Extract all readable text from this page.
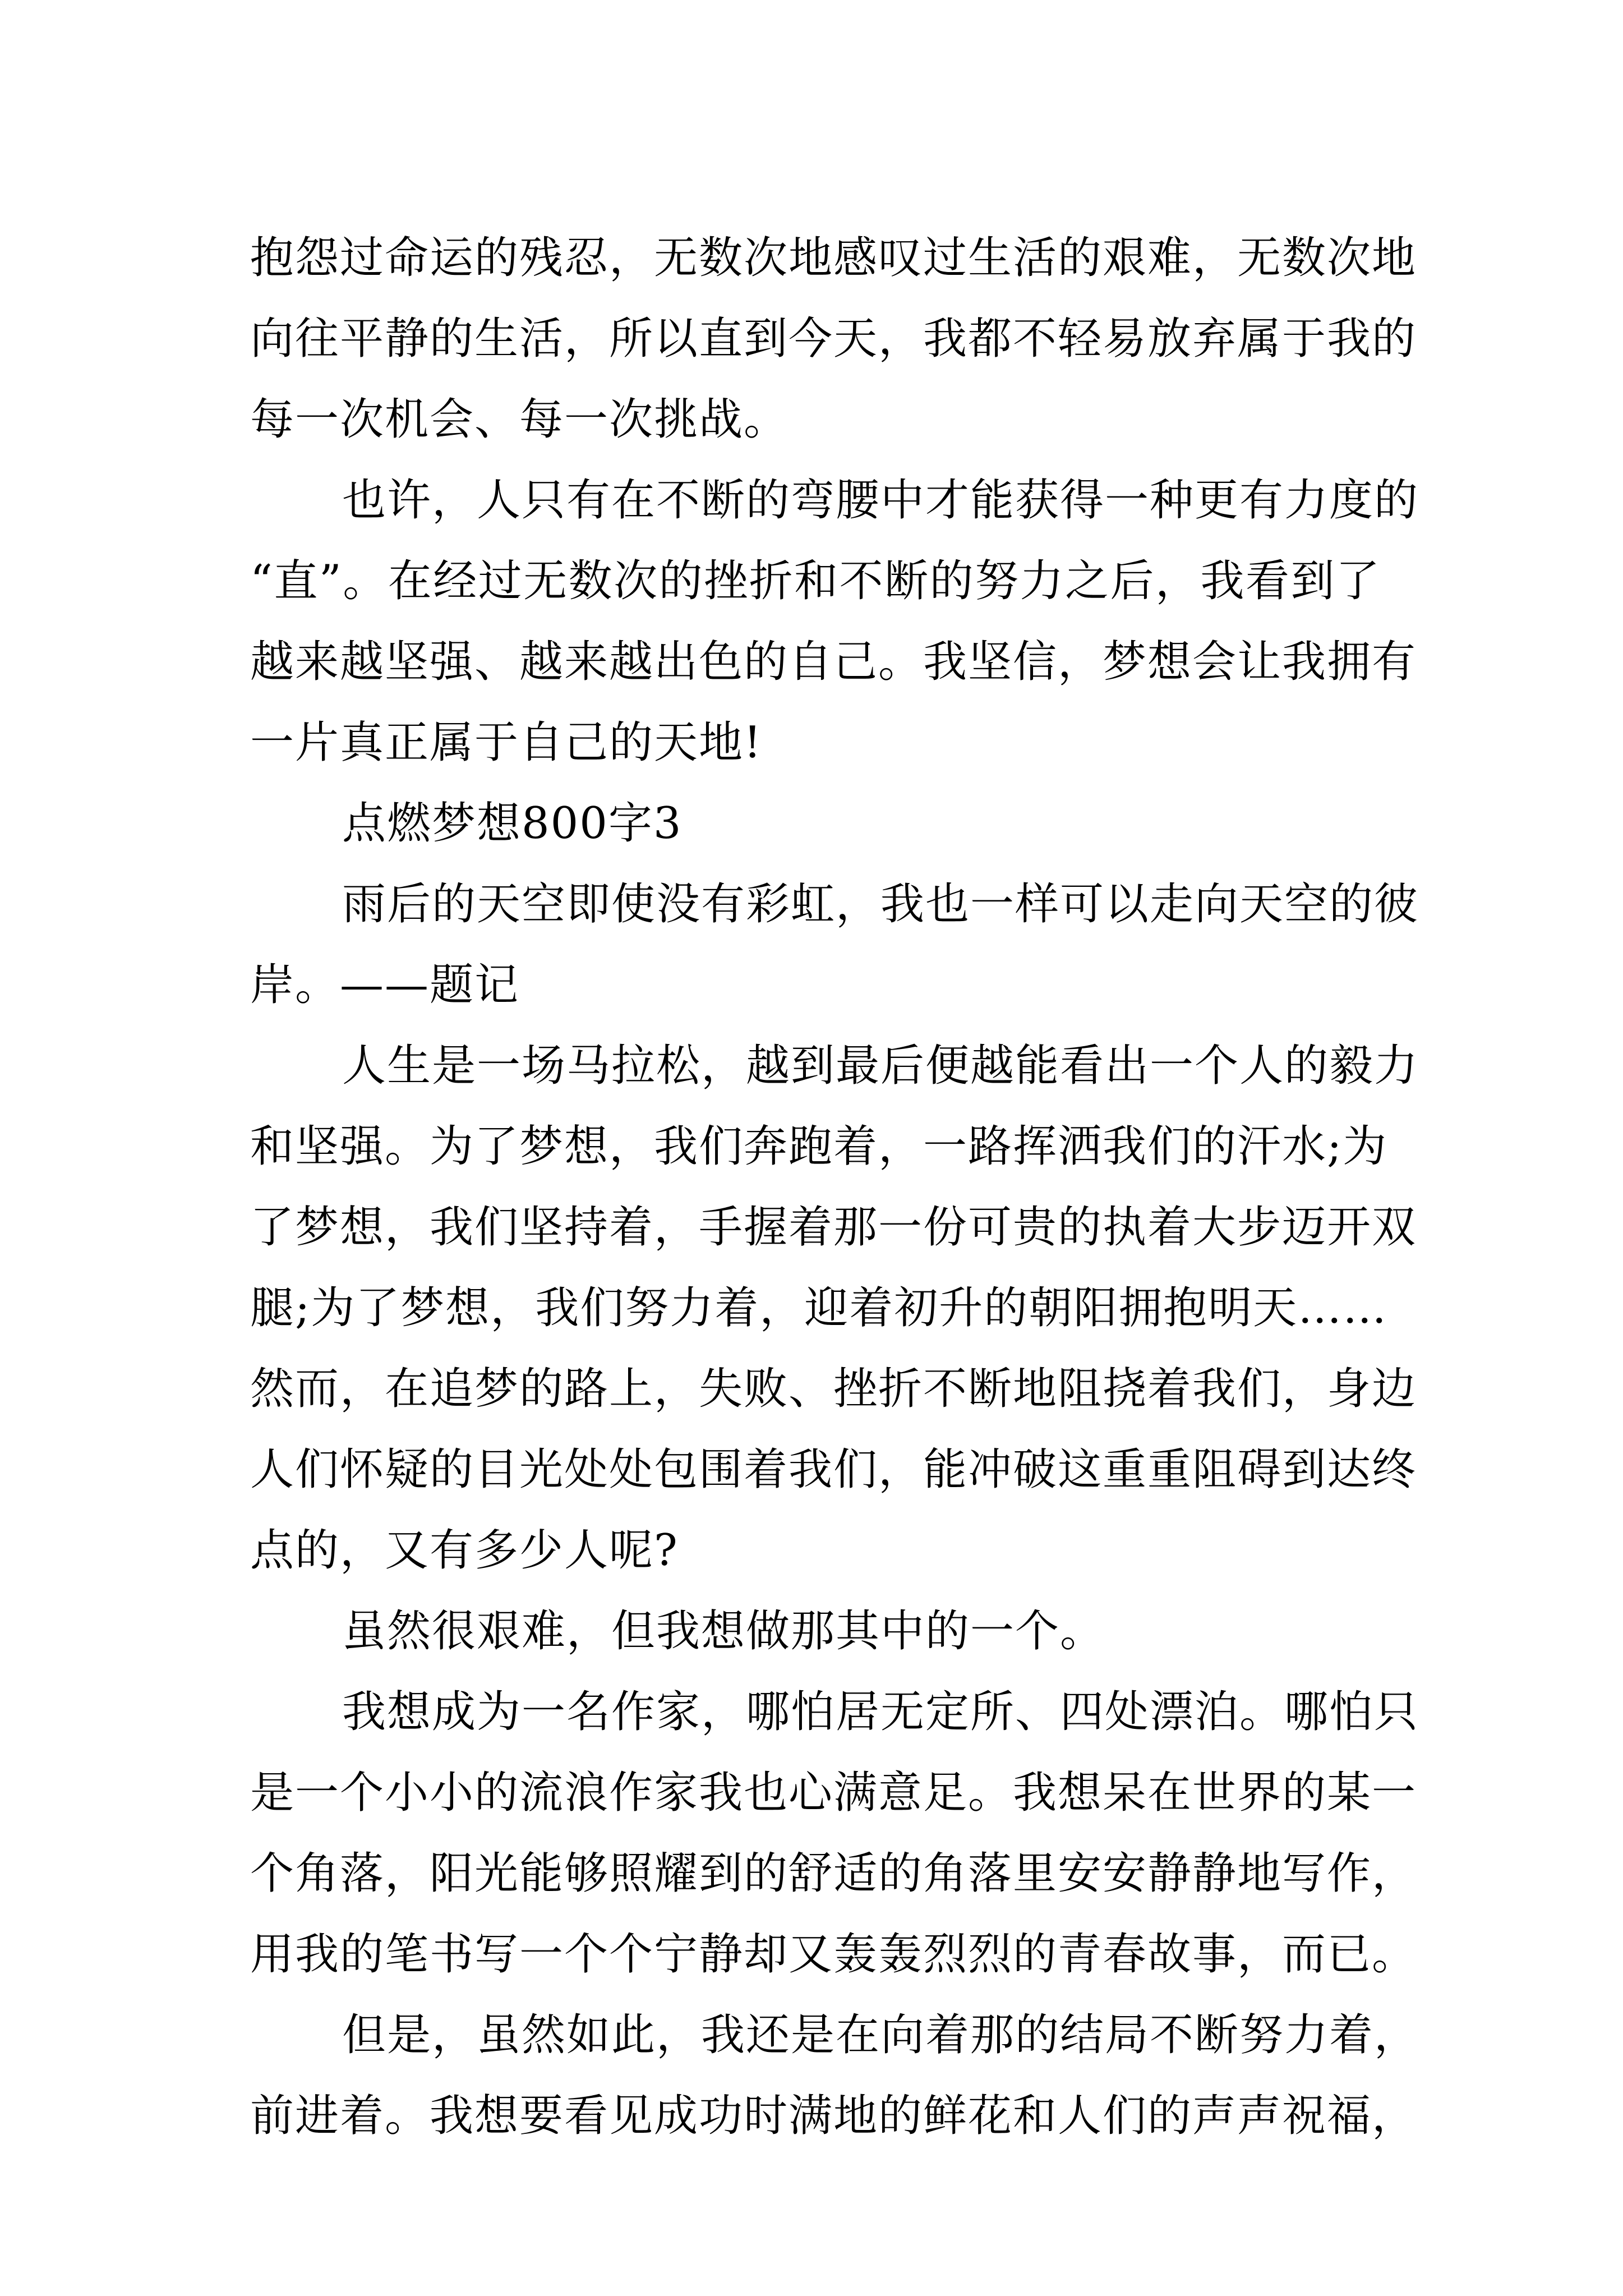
抱怨过命运的残忍，无数次地感叹过生活的艰难，无数次地
向往平静的生活，所以直到今天，我都不轻易放弃属于我的
每一次机会、每一次挑战。
也许，人只有在不断的弯腰中才能获得一种更有力度的
“直”。在经过无数次的挫折和不断的努力之后，我看到了
越来越坚强、越来越出色的自己。我坚信，梦想会让我拥有
一片真正属于自己的天地!
点燃梦想800字3
雨后的天空即使没有彩虹，我也一样可以走向天空的彼
岸。——题记
人生是一场马拉松，越到最后便越能看出一个人的毅力
和坚强。为了梦想，我们奔跑着，一路挥洒我们的汗水;为
了梦想，我们坚持着，手握着那一份可贵的执着大步迈开双
腿;为了梦想，我们努力着，迎着初升的朝阳拥抱明天……
然而，在追梦的路上，失败、挫折不断地阻挠着我们，身边
人们怀疑的目光处处包围着我们，能冲破这重重阻碍到达终
点的，又有多少人呢?
虽然很艰难，但我想做那其中的一个。
我想成为一名作家，哪怕居无定所、四处漂泊。哪怕只
是一个小小的流浪作家我也心满意足。我想呆在世界的某一
个角落，阳光能够照耀到的舒适的角落里安安静静地写作，
用我的笔书写一个个宁静却又轰轰烈烈的青春故事，而已。
但是，虽然如此，我还是在向着那的结局不断努力着，
前进着。我想要看见成功时满地的鲜花和人们的声声祝福，
